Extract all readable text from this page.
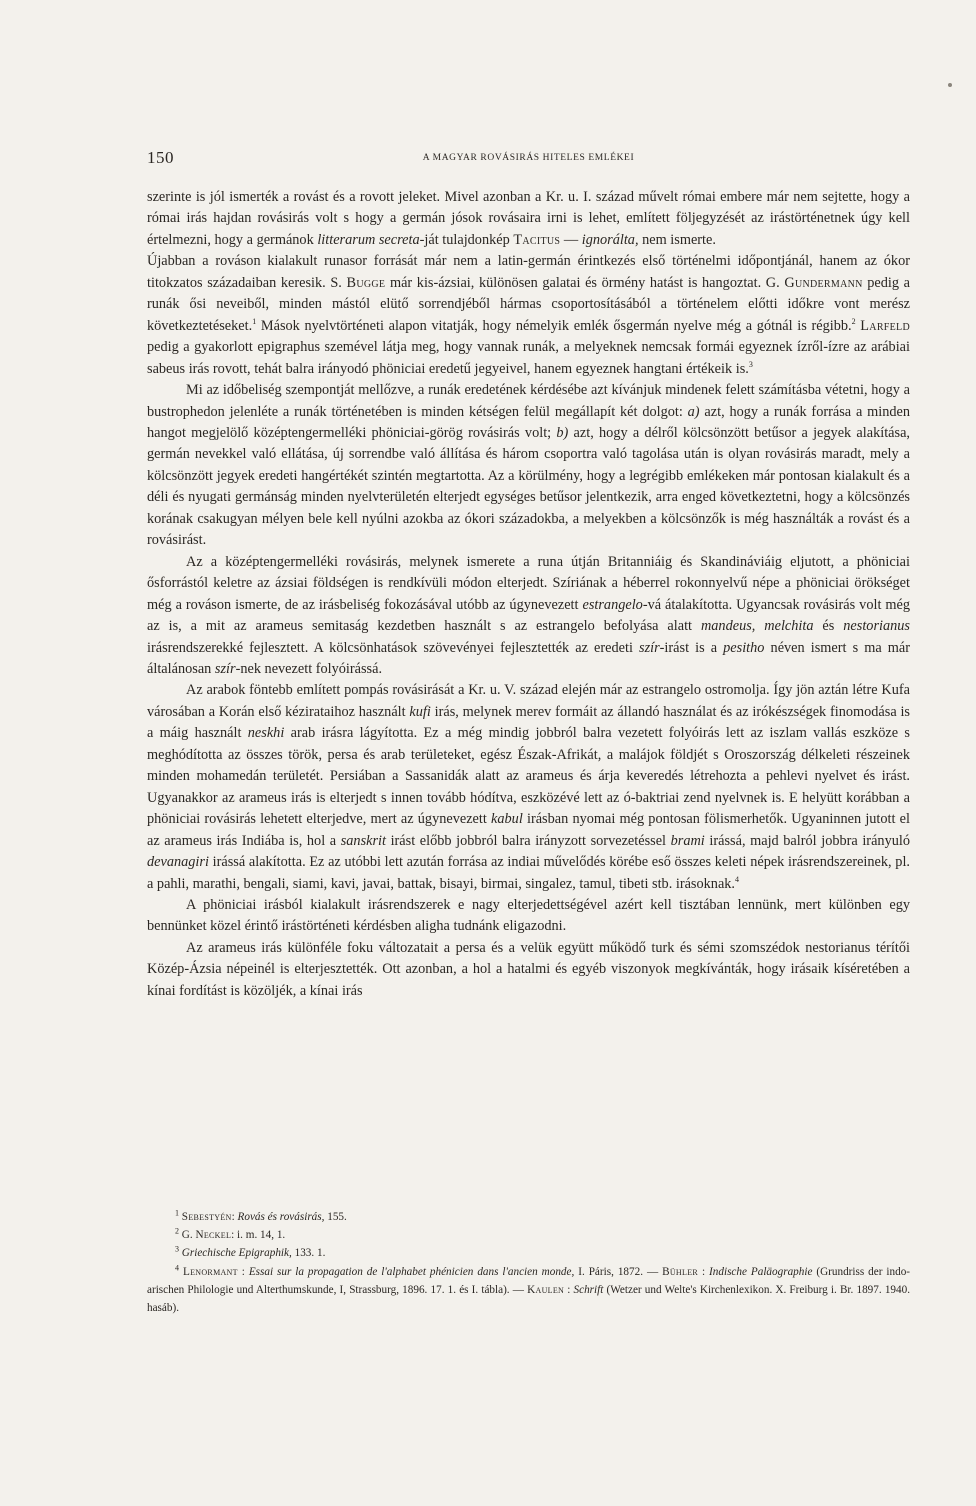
150	A MAGYAR ROVÁSIRÁS HITELES EMLÉKEI

szerinte is jól ismerték a rovást és a rovott jeleket. Mivel azonban a Kr. u. I. század művelt római embere már nem sejtette, hogy a római irás hajdan rovásirás volt s hogy a germán jósok rovásaira irni is lehet, említett följegyzését az irástörténetnek úgy kell értelmezni, hogy a germánok litterarum secreta-ját tulajdonkép Tacitus — ignorálta, nem ismerte.

Újabban a rováson kialakult runasor forrását már nem a latin-germán érintkezés első történelmi időpontjánál, hanem az ókor titokzatos századaiban keresik. S. Bugge már kis-ázsiai, különösen galatai és örmény hatást is hangoztat. G. Gundermann pedig a runák ősi neveiből, minden mástól elütő sorrendjéből hármas csoportosításából a történelem előtti időkre vont merész következtetéseket.$^1$ Mások nyelvtörténeti alapon vitatják, hogy némelyik emlék ősgermán nyelve még a gótnál is régibb.$^2$ Larfeld pedig a gyakorlott epigraphus szemével látja meg, hogy vannak runák, a melyeknek nemcsak formái egyeznek ízről-ízre az arábiai sabeus irás rovott, tehát balra irányodó phöniciai eredetű jegyeivel, hanem egyeznek hangtani értékeik is.$^3$

Mi az időbeliség szempontját mellőzve, a runák eredetének kérdésébe azt kívánjuk mindenek felett számításba vétetni, hogy a bustrophedon jelenléte a runák történetében is minden kétségen felül megállapít két dolgot: a) azt, hogy a runák forrása a minden hangot megjelölő középtengermelléki phöniciai-görög rovásirás volt; b) azt, hogy a délről kölcsönzött betűsor a jegyek alakítása, germán nevekkel való ellátása, új sorrendbe való állítása és három csoportra való tagolása után is olyan rovásirás maradt, mely a kölcsönzött jegyek eredeti hangértékét szintén megtartotta. Az a körülmény, hogy a legrégibb emlékeken már pontosan kialakult és a déli és nyugati germánság minden nyelvterületén elterjedt egységes betűsor jelentkezik, arra enged következtetni, hogy a kölcsönzés korának csakugyan mélyen bele kell nyúlni azokba az ókori századokba, a melyekben a kölcsönzők is még használták a rovást és a rovásirást.

Az a középtengermelléki rovásirás, melynek ismerete a runa útján Britanniáig és Skandináviáig eljutott, a phöniciai ősforrástól keletre az ázsiai földségen is rendkívüli módon elterjedt. Szíriának a héberrel rokonnyelvű népe a phöniciai örökséget még a rováson ismerte, de az irásbeliség fokozásával utóbb az úgynevezett estrangelo-vá átalakította. Ugyancsak rovásirás volt még az is, a mit az arameus semitaság kezdetben használt s az estrangelo befolyása alatt mandeus, melchita és nestorianus irásrendszerekké fejlesztett. A kölcsönhatások szövevényei fejlesztették az eredeti szír-irást is a pesitho néven ismert s ma már általánosan szír-nek nevezett folyóirássá.

Az arabok föntebb említett pompás rovásirását a Kr. u. V. század elején már az estrangelo ostromolja. Így jön aztán létre Kufa városában a Korán első kézirataihoz használt kufi irás, melynek merev formáit az állandó használat és az irókészségek finomodása is a máig használt neskhi arab irásra lágyította. Ez a még mindig jobbról balra vezetett folyóirás lett az iszlam vallás eszköze s meghódította az összes török, persa és arab területeket, egész Észak-Afrikát, a malájok földjét s Oroszország délkeleti részeinek minden mohamedán területét. Persiában a Sassanidák alatt az arameus és árja keveredés létrehozta a pehlevi nyelvet és irást. Ugyanakkor az arameus irás is elterjedt s innen tovább hódítva, eszközévé lett az ó-baktriai zend nyelvnek is. E helyütt korábban a phöniciai rovásirás lehetett elterjedve, mert az úgynevezett kabul irásban nyomai még pontosan fölismerhetők. Ugyaninnen jutott el az arameus irás Indiába is, hol a sanskrit irást előbb jobbról balra irányzott sorvezetéssel brami irássá, majd balról jobbra irányuló devanagiri irássá alakította. Ez az utóbbi lett azután forrása az indiai művelődés körébe eső összes keleti népek irásrendszereinek, pl. a pahli, marathi, bengali, siami, kavi, javai, battak, bisayi, birmai, singalez, tamul, tibeti stb. irásoknak.$^4$

A phöniciai irásból kialakult irásrendszerek e nagy elterjedettségével azért kell tisztában lennünk, mert különben egy bennünket közel érintő irástörténeti kérdésben aligha tudnánk eligazodni.

Az arameus irás különféle foku változatait a persa és a velük együtt működő turk és sémi szomszédok nestorianus térítői Közép-Ázsia népeinél is elterjesztették. Ott azonban, a hol a hatalmi és egyéb viszonyok megkívánták, hogy irásaik kíséretében a kínai fordítást is közöljék, a kínai irás

$^1$ Sebestyén: Rovás és rovásirás, 155.

$^2$ G. Neckel: i. m. 14, 1.

$^3$ Griechische Epigraphik, 133. 1.

$^4$ Lenormant : Essai sur la propagation de l'alphabet phénicien dans l'ancien monde, I. Páris, 1872. — Bühler : Indische Paläographie (Grundriss der indo-arischen Philologie und Alterthumskunde, I, Strassburg, 1896. 17. 1. és I. tábla). — Kaulen : Schrift (Wetzer und Welte's Kirchenlexikon. X. Freiburg i. Br. 1897. 1940. hasáb).
